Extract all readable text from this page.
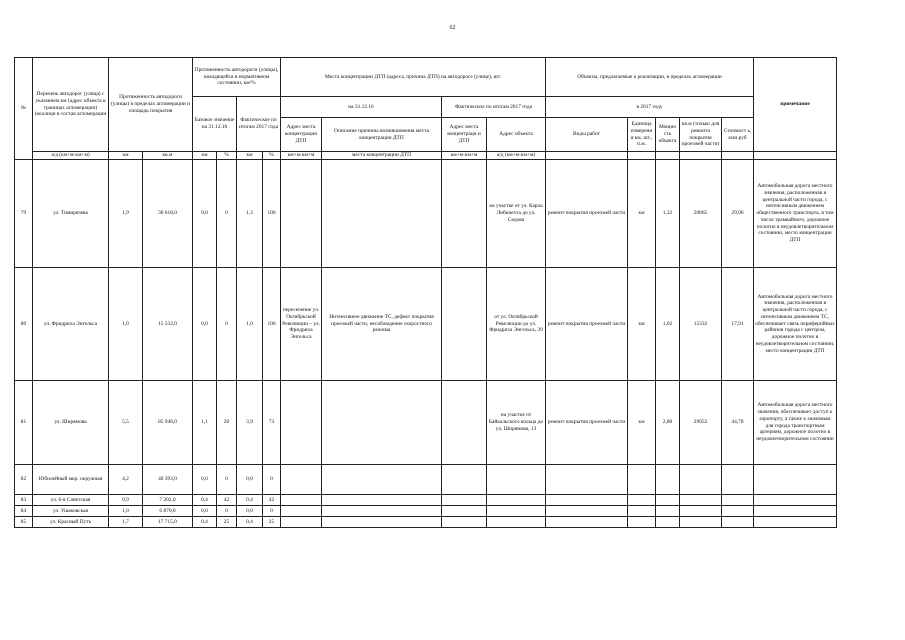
62
№	Перечень автодорог (улица) с указанием км (адрес объекта в границах агломерации)(коллици в состав агломерации	Протяженность автодороги (улицы) в пределах агломерации и площадь покрытия		Протяженность автодороги (улицы), находящейся в нормативном состоянии, км/%				Места концентрации ДТП (адреса, причина ДТП) на автодороге (улице), шт.				Объекты, предлагаемые к реализации, в пределах агломерации					примечание
				Базовое значение на 31.12.16		Фактическое по итогам 2017 года		на 31.12.16		Фактическое по итогам 2017 года		в 2017 году					
								Адрес места концентрации ДТП	Описание причины возникновения места концентрации ДТП	Адрес места концентраци и ДТП	Адрес объекта	Виды работ	Единица измерени я км, шт., п.м.	Мощно сть объекта	кв.м (только для ремонта покрытия проезжей части)	Стоимост ь, млн.руб	
	а/д (км+м-км+м)	км	кв.м	км	%	км	%	км+м-км+м	места концентрации ДТП	км+м-км+м	а/д (км+м-км+м)						
79	ул. Тимирязева	1,9	30 618,0	0,0	0	1,3	100				на участке от ул. Карла Либкнехта до ул. Седова	ремонт покрытия проезжей части	км	1,32	20865	29,96	Автомобильная дорога местного значения, расположенная в центральной части города, с интенсивным движением общественного транспорта, в том числе трамвайного, дорожное полотно в неудовлетворительном состоянии, место концентрации ДТП
80	ул. Фридриха Энгельса	1,0	15 332,0	0,0	0	1,0	100	пересечение ул. Октябрьской Революции – ул. Фридриха Энгельса	Интенсивное движение ТС, дефект покрытия проезжей части, несоблюдение скоростного режима		от ул. Октябрьской Революции до ул. Фридриха Энгельса, 39	ремонт покрытия проезжей части	км	1,02	15332	17,91	Автомобильная дорога местного значения, расположенная в центральной части города, с интенсивным движением ТС, обеспечивает связь периферийных районов города с центром, дорожное полотно в неудовлетворительном состоянии, место концентрации ДТП
81	ул. Ширямова	5,5	85 946,0	1,1	20	3,9	73				на участке от Байкальского кольца до ул. Ширямова, 13	ремонт покрытия проезжей части	км	2,80	29052	44,78	Автомобильная дорога местного значения, обеспечивает доступ к аэропорту, а также к значимым для города транспортным артериям, дорожное полотно в неудовлетворительном состоянии
82	Юбилейный мкр. окружная	4,2	40 393,0	0,0	0	0,0	0										
83	ул. 6-я Советская	0,9	7 202,0	0,4	42	0,4	42										
84	ул. Ушаковская	1,0	6 870,0	0,0	0	0,0	0										
85	ул. Красный Путь	1,7	17 715,0	0,4	25	0,4	25										
